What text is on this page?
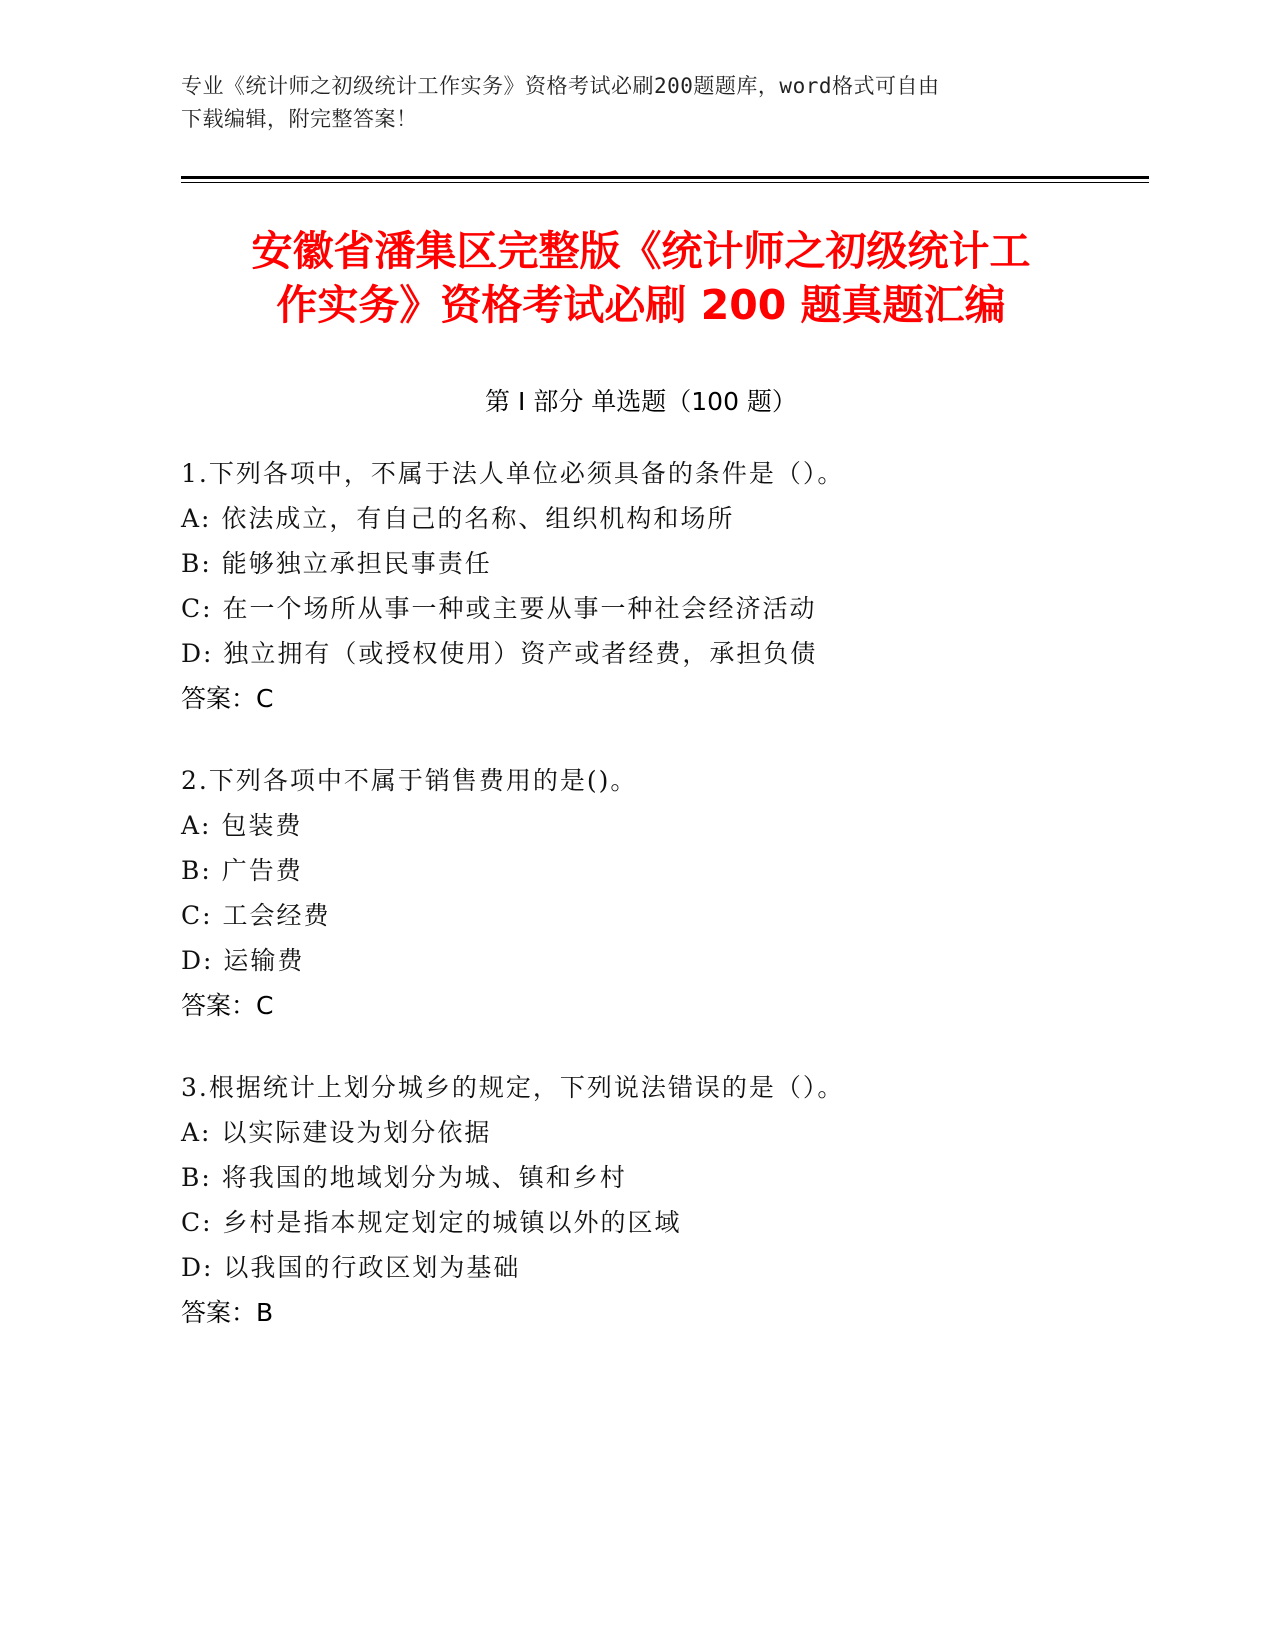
专业《统计师之初级统计工作实务》资格考试必刷200题题库，word格式可自由
下载编辑，附完整答案！
安徽省潘集区完整版《统计师之初级统计工
作实务》资格考试必刷 200 题真题汇编
第 I 部分 单选题（100 题）
1.下列各项中，不属于法人单位必须具备的条件是（）。
A: 依法成立，有自己的名称、组织机构和场所
B: 能够独立承担民事责任
C: 在一个场所从事一种或主要从事一种社会经济活动
D: 独立拥有（或授权使用）资产或者经费，承担负债
答案：C
2.下列各项中不属于销售费用的是()。
A: 包装费
B: 广告费
C: 工会经费
D: 运输费
答案：C
3.根据统计上划分城乡的规定，下列说法错误的是（）。
A: 以实际建设为划分依据
B: 将我国的地域划分为城、镇和乡村
C: 乡村是指本规定划定的城镇以外的区域
D: 以我国的行政区划为基础
答案：B
